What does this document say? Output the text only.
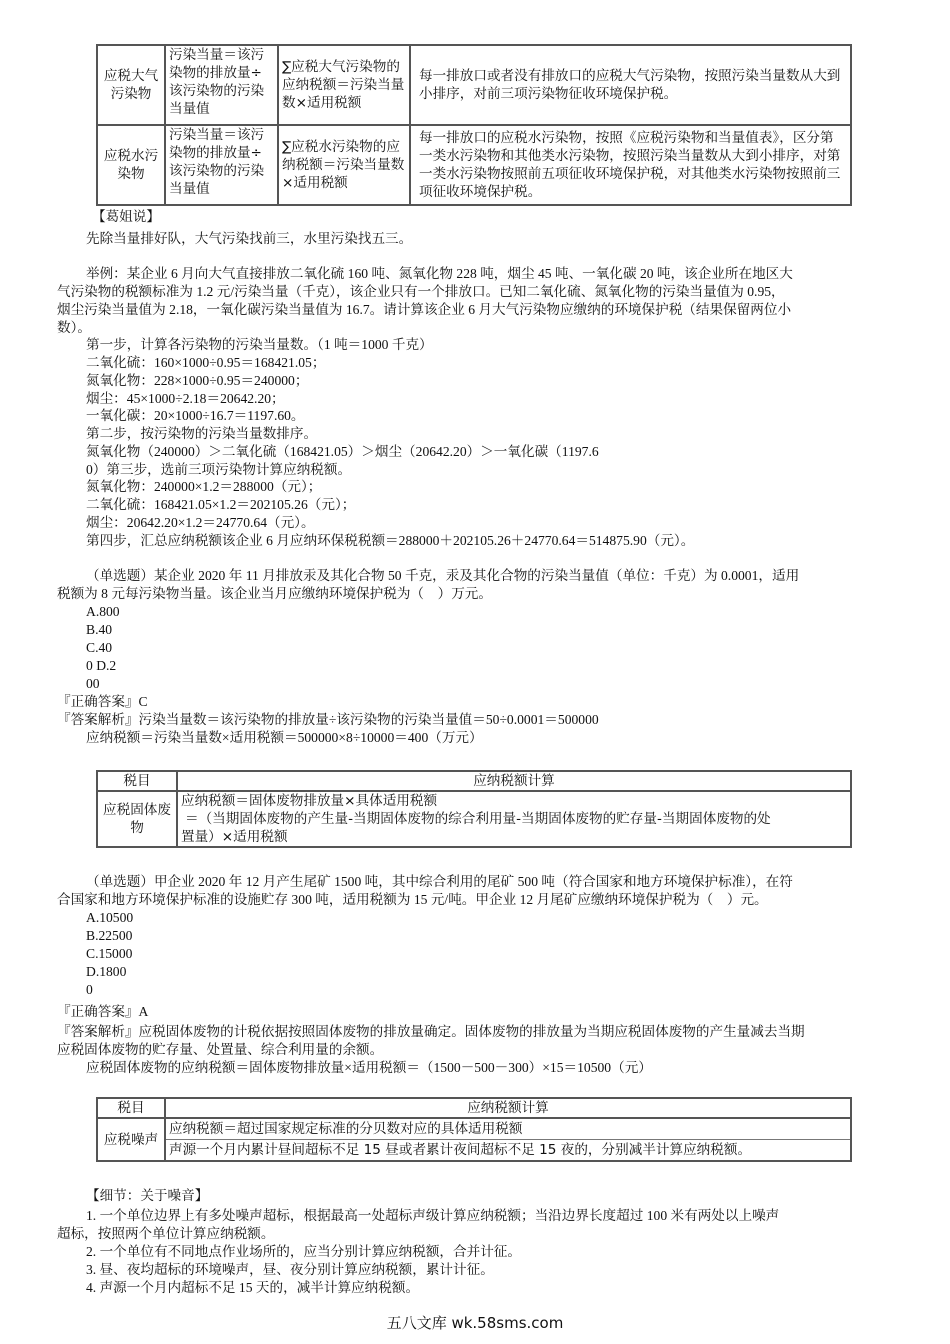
应税大气污染物	污染当量＝该污染物的排放量÷该污染物的污染当量值	∑应税大气污染物的应纳税额＝污染当量数×适用税额	每一排放口或者没有排放口的应税大气污染物，按照污染当量数从大到小排序，对前三项污染物征收环境保护税。
应税水污染物	污染当量＝该污染物的排放量÷该污染物的污染当量值	∑应税水污染物的应纳税额＝污染当量数×适用税额	每一排放口的应税水污染物，按照《应税污染物和当量值表》，区分第一类水污染物和其他类水污染物，按照污染当量数从大到小排序，对第一类水污染物按照前五项征收环境保护税，对其他类水污染物按照前三项征收环境保护税。
【葛姐说】
先除当量排好队，大气污染找前三，水里污染找五三。
举例：某企业 6 月向大气直接排放二氧化硫 160 吨、氮氧化物 228 吨，烟尘 45 吨、一氧化碳 20 吨，该企业所在地区大
气污染物的税额标准为 1.2 元/污染当量（千克），该企业只有一个排放口。已知二氧化硫、氮氧化物的污染当量值为 0.95，
烟尘污染当量值为 2.18，一氧化碳污染当量值为 16.7。请计算该企业 6 月大气污染物应缴纳的环境保护税（结果保留两位小
数）。
第一步，计算各污染物的污染当量数。（1 吨＝1000 千克）
二氧化硫：160×1000÷0.95＝168421.05；
氮氧化物：228×1000÷0.95＝240000；
烟尘：45×1000÷2.18＝20642.20；
一氧化碳：20×1000÷16.7＝1197.60。
第二步，按污染物的污染当量数排序。
氮氧化物（240000）＞二氧化硫（168421.05）＞烟尘（20642.20）＞一氧化碳（1197.6
0）第三步，选前三项污染物计算应纳税额。
氮氧化物：240000×1.2＝288000（元）；
二氧化硫：168421.05×1.2＝202105.26（元）；
烟尘：20642.20×1.2＝24770.64（元）。
第四步，汇总应纳税额该企业 6 月应纳环保税税额＝288000＋202105.26＋24770.64＝514875.90（元）。
（单选题）某企业 2020 年 11 月排放汞及其化合物 50 千克，汞及其化合物的污染当量值（单位：千克）为 0.0001，适用
税额为 8 元每污染物当量。该企业当月应缴纳环境保护税为（　）万元。
A.800
B.40
C.40
0 D.2
00
『正确答案』C
『答案解析』污染当量数＝该污染物的排放量÷该污染物的污染当量值＝50÷0.0001＝500000
应纳税额＝污染当量数×适用税额＝500000×8÷10000＝400（万元）
税目	应纳税额计算
应税固体废物	应纳税额＝固体废物排放量×具体适用税额
＝（当期固体废物的产生量-当期固体废物的综合利用量-当期固体废物的贮存量-当期固体废物的处
置量）×适用税额
（单选题）甲企业 2020 年 12 月产生尾矿 1500 吨，其中综合利用的尾矿 500 吨（符合国家和地方环境保护标准），在符
合国家和地方环境保护标准的设施贮存 300 吨，适用税额为 15 元/吨。甲企业 12 月尾矿应缴纳环境保护税为（　）元。
A.10500
B.22500
C.15000
D.1800
0
『正确答案』A
『答案解析』应税固体废物的计税依据按照固体废物的排放量确定。固体废物的排放量为当期应税固体废物的产生量减去当期
应税固体废物的贮存量、处置量、综合利用量的余额。
应税固体废物的应纳税额＝固体废物排放量×适用税额＝（1500－500－300）×15＝10500（元）
税目	应纳税额计算
应税噪声	应纳税额＝超过国家规定标准的分贝数对应的具体适用税额
声源一个月内累计昼间超标不足 15 昼或者累计夜间超标不足 15 夜的，分别减半计算应纳税额。
【细节：关于噪音】
1. 一个单位边界上有多处噪声超标，根据最高一处超标声级计算应纳税额；当沿边界长度超过 100 米有两处以上噪声
超标，按照两个单位计算应纳税额。
2. 一个单位有不同地点作业场所的，应当分别计算应纳税额，合并计征。
3. 昼、夜均超标的环境噪声，昼、夜分别计算应纳税额，累计计征。
4. 声源一个月内超标不足 15 天的，减半计算应纳税额。
五八文库 wk.58sms.com
